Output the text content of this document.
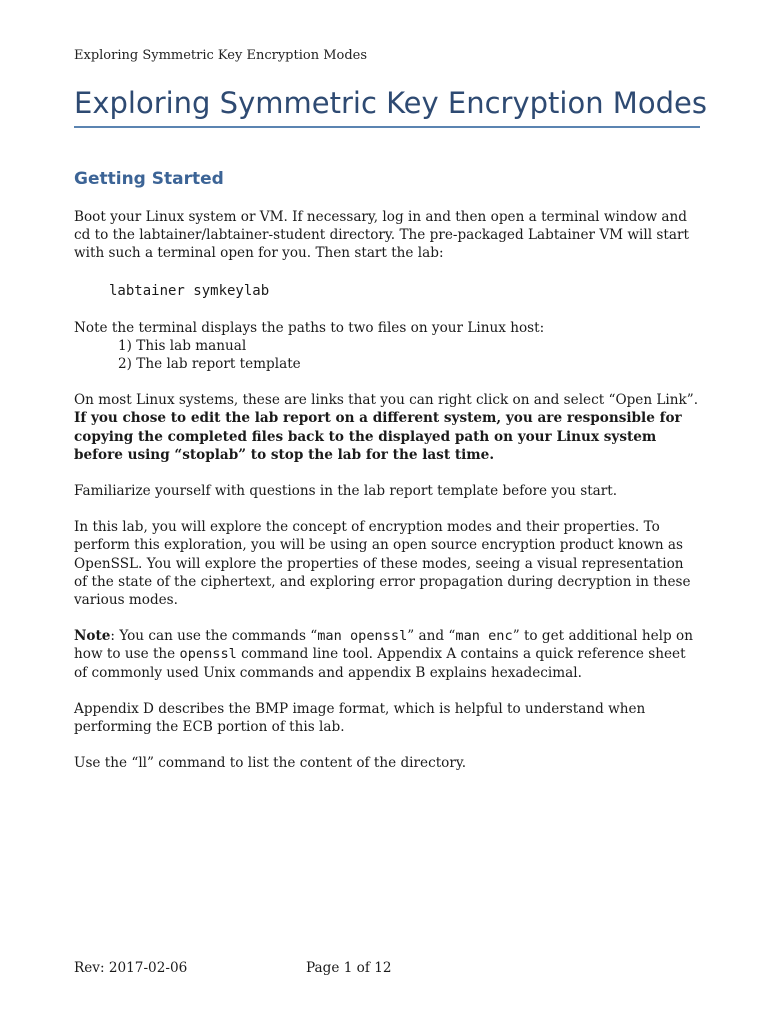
Exploring Symmetric Key Encryption Modes
Exploring Symmetric Key Encryption Modes
Getting Started

Boot your Linux system or VM. If necessary, log in and then open a terminal window and cd to the labtainer/labtainer-student directory. The pre-packaged Labtainer VM will start with such a terminal open for you. Then start the lab:

labtainer symkeylab

Note the terminal displays the paths to two files on your Linux host:

1) This lab manual
2) The lab report template

On most Linux systems, these are links that you can right click on and select “Open Link”. If you chose to edit the lab report on a different system, you are responsible for copying the completed files back to the displayed path on your Linux system before using “stoplab” to stop the lab for the last time.

Familiarize yourself with questions in the lab report template before you start.

In this lab, you will explore the concept of encryption modes and their properties. To perform this exploration, you will be using an open source encryption product known as OpenSSL. You will explore the properties of these modes, seeing a visual representation of the state of the ciphertext, and exploring error propagation during decryption in these various modes.

Note: You can use the commands “man openssl” and “man enc” to get additional help on how to use the openssl command line tool. Appendix A contains a quick reference sheet of commonly used Unix commands and appendix B explains hexadecimal.

Appendix D describes the BMP image format, which is helpful to understand when performing the ECB portion of this lab.

Use the “ll” command to list the content of the directory.

Rev: 2017-02-06	Page 1 of 12
